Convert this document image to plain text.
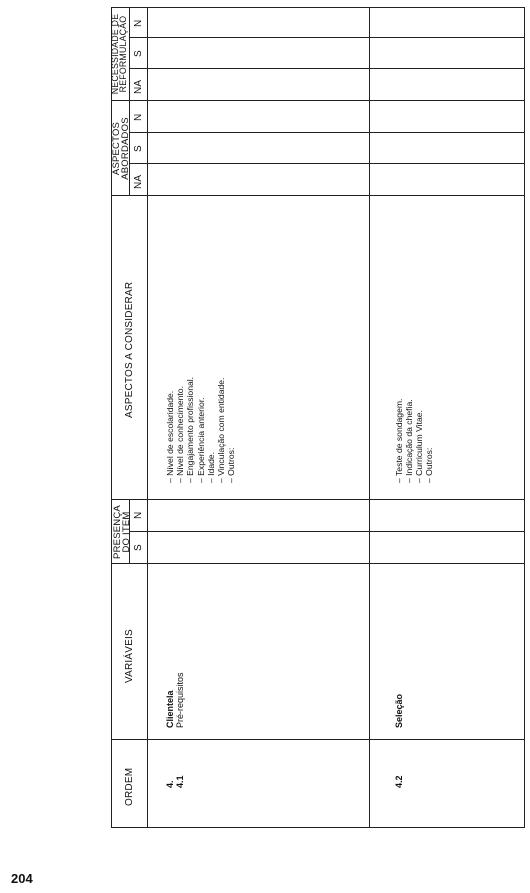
ORDEM
VARIÁVEIS
PRESENÇA DO ITEM
ASPECTOS A CONSIDERAR
ASPECTOS ABORDADOS
NECESSIDADE DE REFORMULAÇÃO
S
N
NA
S
N
NA
S
N
4. 4.1
Clientela Pré-requisitos
– Nível de escolaridade. – Nível de conhecimento. – Engajamento profissional. – Experiência anterior. – Idade. – Vinculação com entidade. – Outros:
4.2
Seleção
– Teste de sondagem. – Indicação da chefia. – Curriculum Vitae. – Outros:
204
